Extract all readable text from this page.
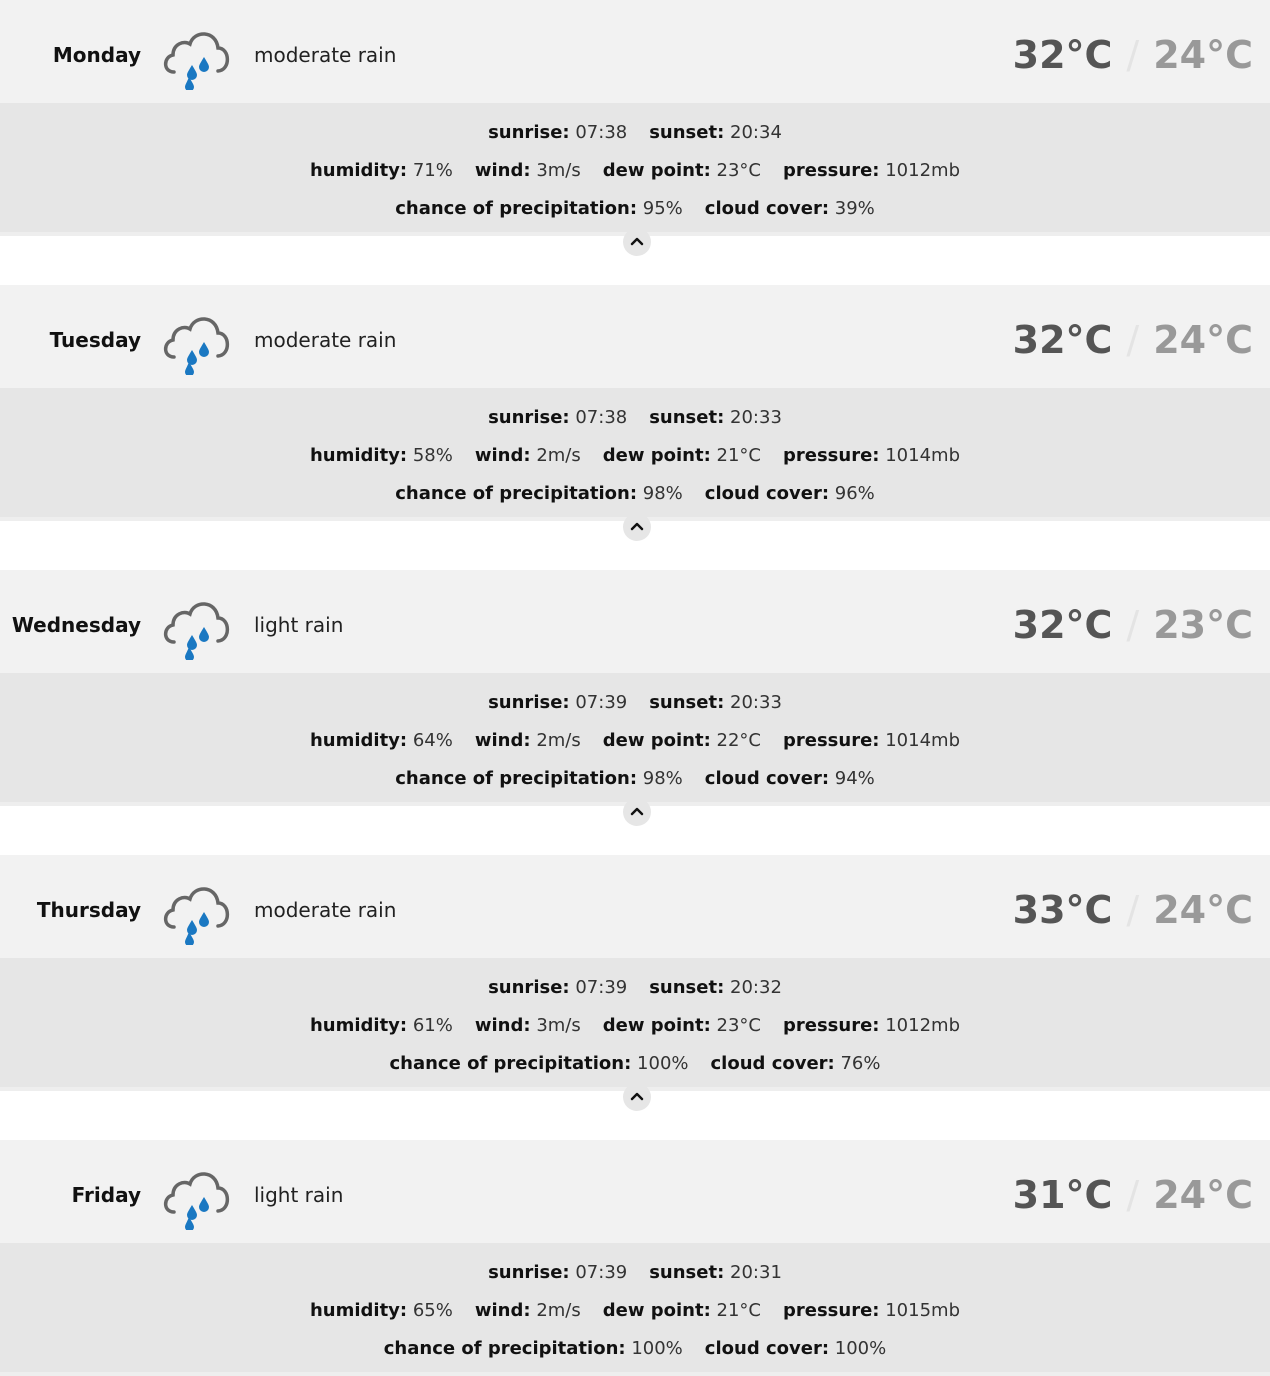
Monday	moderate rain	32°C / 24°C
sunrise: 07:38 sunset: 20:34
humidity: 71% wind: 3m/s dew point: 23°C pressure: 1012mb
chance of precipitation: 95% cloud cover: 39%
Tuesday	moderate rain	32°C / 24°C
sunrise: 07:38 sunset: 20:33
humidity: 58% wind: 2m/s dew point: 21°C pressure: 1014mb
chance of precipitation: 98% cloud cover: 96%
Wednesday	light rain	32°C / 23°C
sunrise: 07:39 sunset: 20:33
humidity: 64% wind: 2m/s dew point: 22°C pressure: 1014mb
chance of precipitation: 98% cloud cover: 94%
Thursday	moderate rain	33°C / 24°C
sunrise: 07:39 sunset: 20:32
humidity: 61% wind: 3m/s dew point: 23°C pressure: 1012mb
chance of precipitation: 100% cloud cover: 76%
Friday	light rain	31°C / 24°C
sunrise: 07:39 sunset: 20:31
humidity: 65% wind: 2m/s dew point: 21°C pressure: 1015mb
chance of precipitation: 100% cloud cover: 100%
